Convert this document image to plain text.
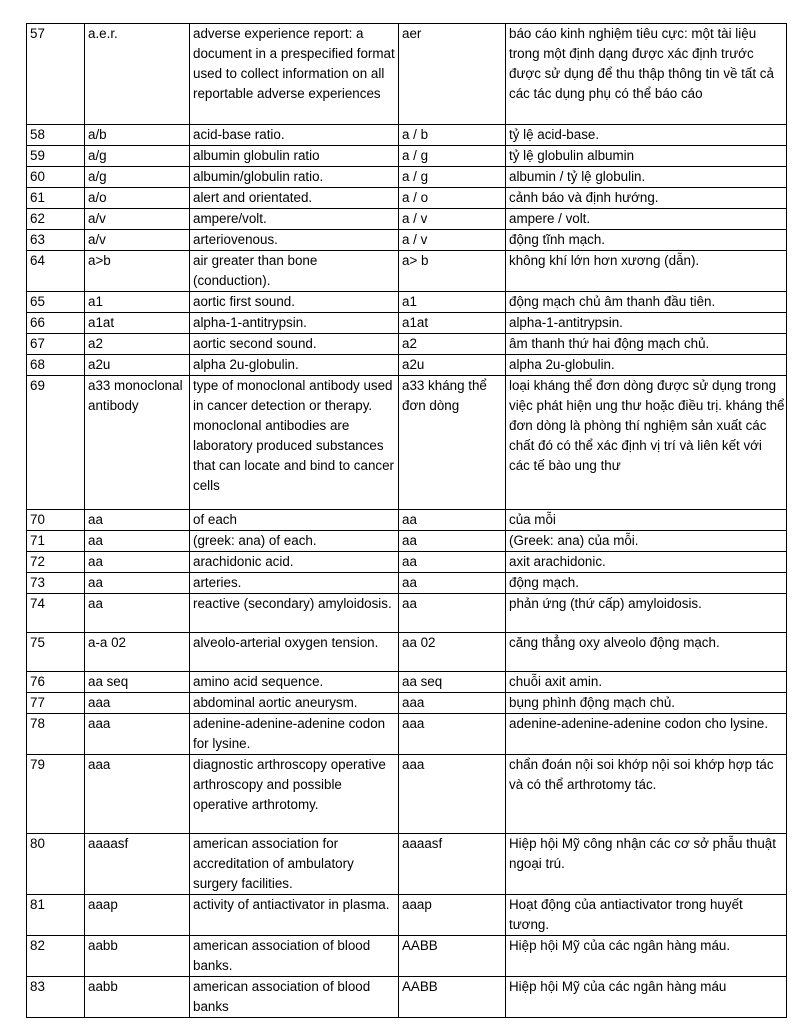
57	a.e.r.	adverse experience report: a document in a prespecified format used to collect information on all reportable adverse experiences	aer	báo cáo kinh nghiệm tiêu cực: một tài liệu trong một định dạng được xác định trước được sử dụng để thu thập thông tin về tất cả các tác dụng phụ có thể báo cáo
58	a/b	acid-base ratio.	a / b	tỷ lệ acid-base.
59	a/g	albumin globulin ratio	a / g	tỷ lệ globulin albumin
60	a/g	albumin/globulin ratio.	a / g	albumin / tỷ lệ globulin.
61	a/o	alert and orientated.	a / o	cảnh báo và định hướng.
62	a/v	ampere/volt.	a / v	ampere / volt.
63	a/v	arteriovenous.	a / v	động tĩnh mạch.
64	a>b	air greater than bone (conduction).	a> b	không khí lớn hơn xương (dẫn).
65	a1	aortic first sound.	a1	động mạch chủ âm thanh đầu tiên.
66	a1at	alpha-1-antitrypsin.	a1at	alpha-1-antitrypsin.
67	a2	aortic second sound.	a2	âm thanh thứ hai động mạch chủ.
68	a2u	alpha 2u-globulin.	a2u	alpha 2u-globulin.
69	a33 monoclonal antibody	type of monoclonal antibody used in cancer detection or therapy. monoclonal antibodies are laboratory produced substances that can locate and bind to cancer cells	a33 kháng thể đơn dòng	loại kháng thể đơn dòng được sử dụng trong việc phát hiện ung thư hoặc điều trị. kháng thể đơn dòng là phòng thí nghiệm sản xuất các chất đó có thể xác định vị trí và liên kết với các tế bào ung thư
70	aa	of each	aa	của mỗi
71	aa	(greek: ana) of each.	aa	(Greek: ana) của mỗi.
72	aa	arachidonic acid.	aa	axit arachidonic.
73	aa	arteries.	aa	động mạch.
74	aa	reactive (secondary) amyloidosis.	aa	phản ứng (thứ cấp) amyloidosis.
75	a-a 02	alveolo-arterial oxygen tension.	aa 02	căng thẳng oxy alveolo động mạch.
76	aa seq	amino acid sequence.	aa seq	chuỗi axit amin.
77	aaa	abdominal aortic aneurysm.	aaa	bụng phình động mạch chủ.
78	aaa	adenine-adenine-adenine codon for lysine.	aaa	adenine-adenine-adenine codon cho lysine.
79	aaa	diagnostic arthroscopy operative arthroscopy and possible operative arthrotomy.	aaa	chẩn đoán nội soi khớp nội soi khớp hợp tác và có thể arthrotomy tác.
80	aaaasf	american association for accreditation of ambulatory surgery facilities.	aaaasf	Hiệp hội Mỹ công nhận các cơ sở phẫu thuật ngoại trú.
81	aaap	activity of antiactivator in plasma.	aaap	Hoạt động của antiactivator trong huyết tương.
82	aabb	american association of blood banks.	AABB	Hiệp hội Mỹ của các ngân hàng máu.
83	aabb	american association of blood banks	AABB	Hiệp hội Mỹ của các ngân hàng máu
